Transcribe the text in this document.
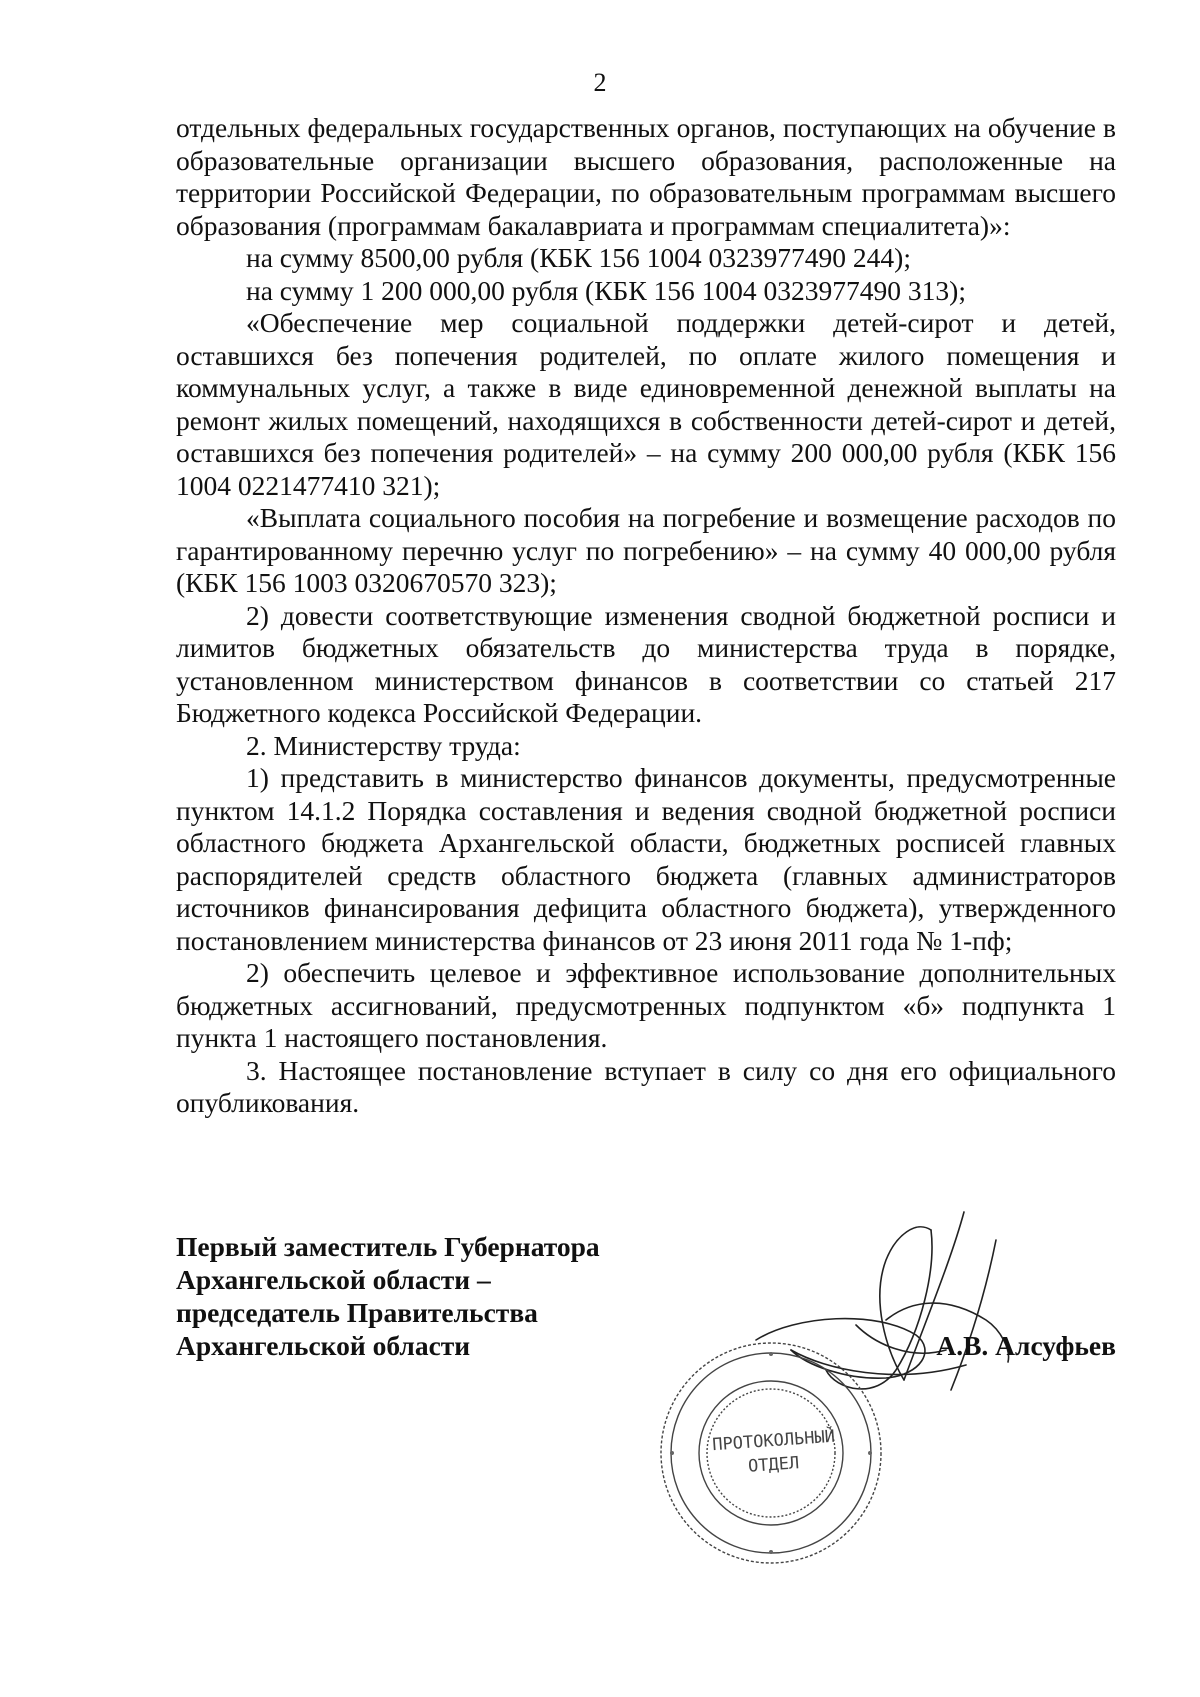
2

отдельных федеральных государственных органов, поступающих на обучение в образовательные организации высшего образования, расположенные на территории Российской Федерации, по образовательным программам высшего образования (программам бакалавриата и программам специалитета)»:

на сумму 8500,00 рубля (КБК 156 1004 0323977490 244);

на сумму 1 200 000,00 рубля (КБК 156 1004 0323977490 313);

«Обеспечение мер социальной поддержки детей-сирот и детей, оставшихся без попечения родителей, по оплате жилого помещения и коммунальных услуг, а также в виде единовременной денежной выплаты на ремонт жилых помещений, находящихся в собственности детей-сирот и детей, оставшихся без попечения родителей» – на сумму 200 000,00 рубля (КБК 156 1004 0221477410 321);

«Выплата социального пособия на погребение и возмещение расходов по гарантированному перечню услуг по погребению» – на сумму 40 000,00 рубля (КБК 156 1003 0320670570 323);

2) довести соответствующие изменения сводной бюджетной росписи и лимитов бюджетных обязательств до министерства труда в порядке, установленном министерством финансов в соответствии со статьей 217 Бюджетного кодекса Российской Федерации.

2. Министерству труда:

1) представить в министерство финансов документы, предусмотренные пунктом 14.1.2 Порядка составления и ведения сводной бюджетной росписи областного бюджета Архангельской области, бюджетных росписей главных распорядителей средств областного бюджета (главных администраторов источников финансирования дефицита областного бюджета), утвержденного постановлением министерства финансов от 23 июня 2011 года № 1-пф;

2) обеспечить целевое и эффективное использование дополнительных бюджетных ассигнований, предусмотренных подпунктом «б» подпункта 1 пункта 1 настоящего постановления.

3. Настоящее постановление вступает в силу со дня его официального опубликования.

Первый заместитель Губернатора
Архангельской области –
председатель Правительства
Архангельской области
ПРОТОКОЛЬНЫЙ
ОТДЕЛ
А.В. Алсуфьев
